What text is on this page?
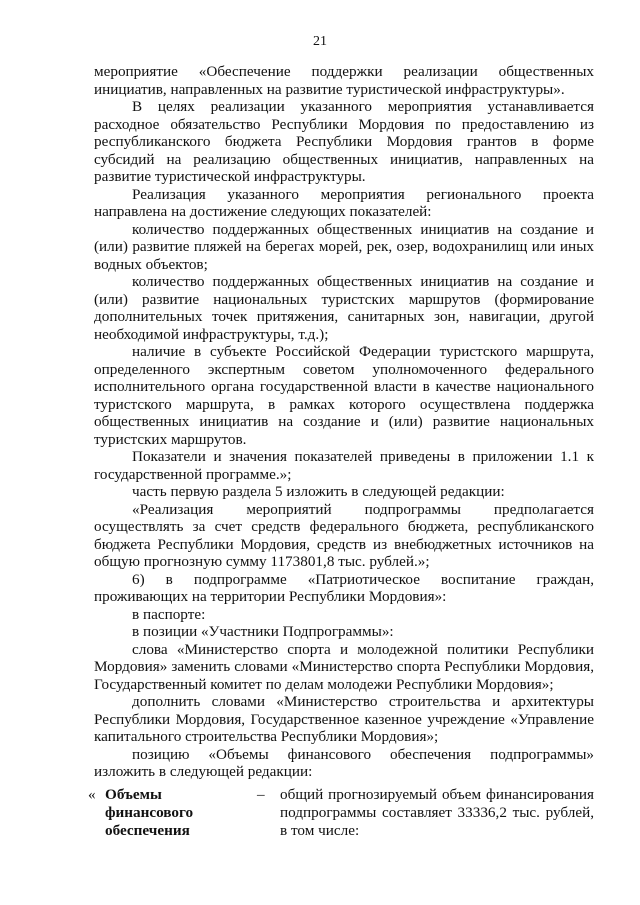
21

мероприятие «Обеспечение поддержки реализации общественных инициатив, направленных на развитие туристической инфраструктуры».

В целях реализации указанного мероприятия устанавливается расходное обязательство Республики Мордовия по предоставлению из республиканского бюджета Республики Мордовия грантов в форме субсидий на реализацию общественных инициатив, направленных на развитие туристической инфраструктуры.

Реализация указанного мероприятия регионального проекта направлена на достижение следующих показателей:

количество поддержанных общественных инициатив на создание и (или) развитие пляжей на берегах морей, рек, озер, водохранилищ или иных водных объектов;

количество поддержанных общественных инициатив на создание и (или) развитие национальных туристских маршрутов (формирование дополнительных точек притяжения, санитарных зон, навигации, другой необходимой инфраструктуры, т.д.);

наличие в субъекте Российской Федерации туристского маршрута, определенного экспертным советом уполномоченного федерального исполнительного органа государственной власти в качестве национального туристского маршрута, в рамках которого осуществлена поддержка общественных инициатив на создание и (или) развитие национальных туристских маршрутов.

Показатели и значения показателей приведены в приложении 1.1 к государственной программе.»;

часть первую раздела 5 изложить в следующей редакции:

«Реализация мероприятий подпрограммы предполагается осуществлять за счет средств федерального бюджета, республиканского бюджета Республики Мордовия, средств из внебюджетных источников на общую прогнозную сумму 1173801,8 тыс. рублей.»;

6) в подпрограмме «Патриотическое воспитание граждан, проживающих на территории Республики Мордовия»:

в паспорте:

в позиции «Участники Подпрограммы»:

слова «Министерство спорта и молодежной политики Республики Мордовия» заменить словами «Министерство спорта Республики Мордовия, Государственный комитет по делам молодежи Республики Мордовия»;

дополнить словами «Министерство строительства и архитектуры Республики Мордовия, Государственное казенное учреждение «Управление капитального строительства Республики Мордовия»;

позицию «Объемы финансового обеспечения подпрограммы» изложить в следующей редакции:

« Объемы финансового обеспечения
– общий прогнозируемый объем финансирования подпрограммы составляет 33336,2 тыс. рублей, в том числе:
